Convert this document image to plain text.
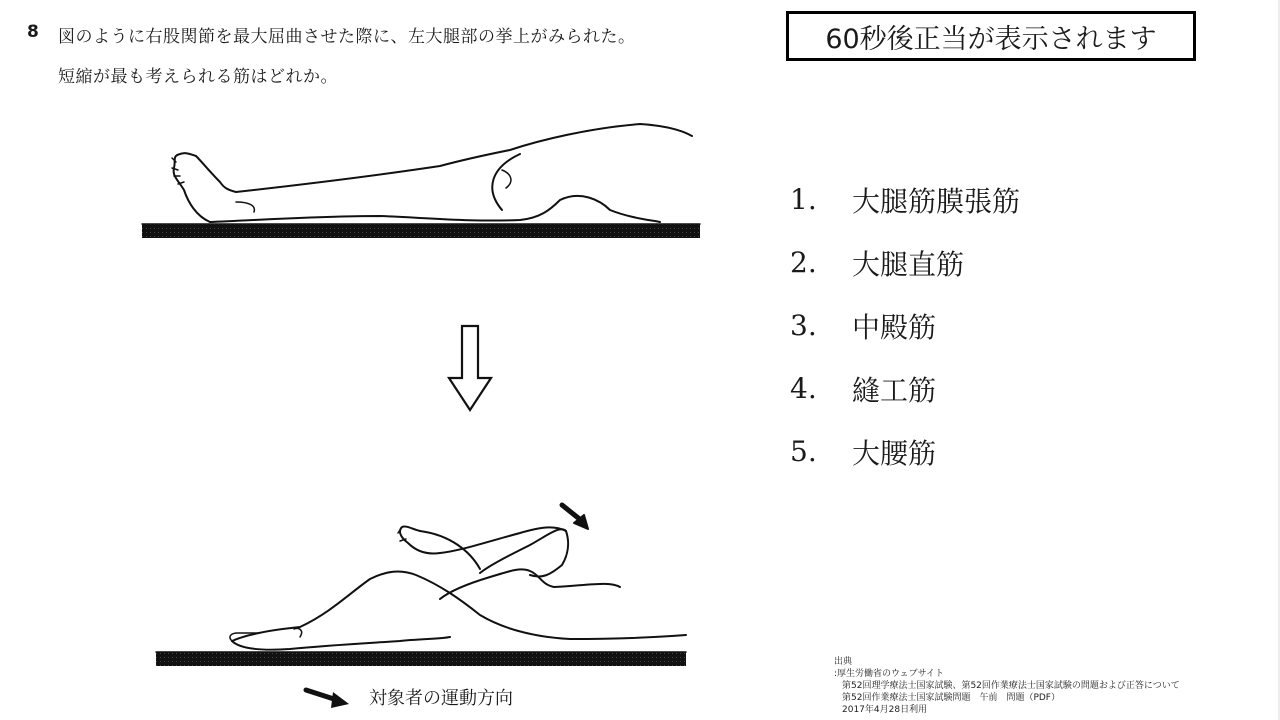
8 図のように右股関節を最大屈曲させた際に、左大腿部の挙上がみられた。
短縮が最も考えられる筋はどれか。
60秒後正当が表示されます
1.	大腿筋膜張筋
2.	大腿直筋
3.	中殿筋
4.	縫工筋
5.	大腰筋
対象者の運動方向
出典
:厚生労働省のウェブサイト
第52回理学療法士国家試験、第52回作業療法士国家試験の問題および正答について
第52回作業療法士国家試験問題　午前　問題（PDF）
2017年4月28日利用
